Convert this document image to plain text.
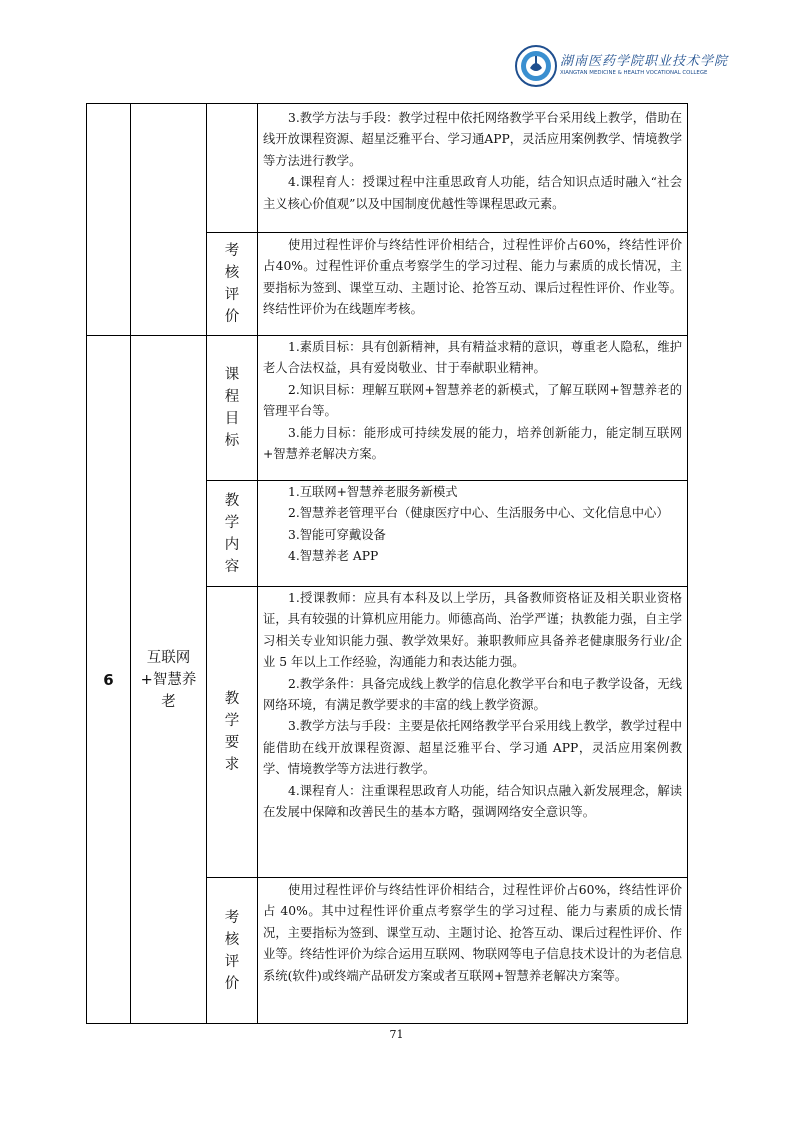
湖南医药学院职业技术学院
XIANGTAN MEDICINE & HEALTH VOCATIONAL COLLEGE

3.教学方法与手段：教学过程中依托网络教学平台采用线上教学，借助在线开放课程资源、超星泛雅平台、学习通APP，灵活应用案例教学、情境教学等方法进行教学。

4.课程育人：授课过程中注重思政育人功能，结合知识点适时融入“社会主义核心价值观”以及中国制度优越性等课程思政元素。

考核评价

使用过程性评价与终结性评价相结合，过程性评价占60%，终结性评价占40%。过程性评价重点考察学生的学习过程、能力与素质的成长情况，主要指标为签到、课堂互动、主题讨论、抢答互动、课后过程性评价、作业等。终结性评价为在线题库考核。

6
互联网+智慧养老
课程目标

1.素质目标：具有创新精神，具有精益求精的意识，尊重老人隐私，维护老人合法权益，具有爱岗敬业、甘于奉献职业精神。

2.知识目标：理解互联网+智慧养老的新模式，了解互联网+智慧养老的管理平台等。

3.能力目标：能形成可持续发展的能力，培养创新能力，能定制互联网+智慧养老解决方案。

教学内容

1.互联网+智慧养老服务新模式

2.智慧养老管理平台（健康医疗中心、生活服务中心、文化信息中心）

3.智能可穿戴设备

4.智慧养老 APP

教学要求

1.授课教师：应具有本科及以上学历，具备教师资格证及相关职业资格证，具有较强的计算机应用能力。师德高尚、治学严谨；执教能力强，自主学习相关专业知识能力强、教学效果好。兼职教师应具备养老健康服务行业/企业 5 年以上工作经验，沟通能力和表达能力强。

2.教学条件：具备完成线上教学的信息化教学平台和电子教学设备，无线网络环境，有满足教学要求的丰富的线上教学资源。

3.教学方法与手段：主要是依托网络教学平台采用线上教学，教学过程中能借助在线开放课程资源、超星泛雅平台、学习通 APP，灵活应用案例教学、情境教学等方法进行教学。

4.课程育人：注重课程思政育人功能，结合知识点融入新发展理念，解读在发展中保障和改善民生的基本方略，强调网络安全意识等。

考核评价

使用过程性评价与终结性评价相结合，过程性评价占60%，终结性评价占 40%。其中过程性评价重点考察学生的学习过程、能力与素质的成长情况，主要指标为签到、课堂互动、主题讨论、抢答互动、课后过程性评价、作业等。终结性评价为综合运用互联网、物联网等电子信息技术设计的为老信息系统(软件)或终端产品研发方案或者互联网+智慧养老解决方案等。

71
